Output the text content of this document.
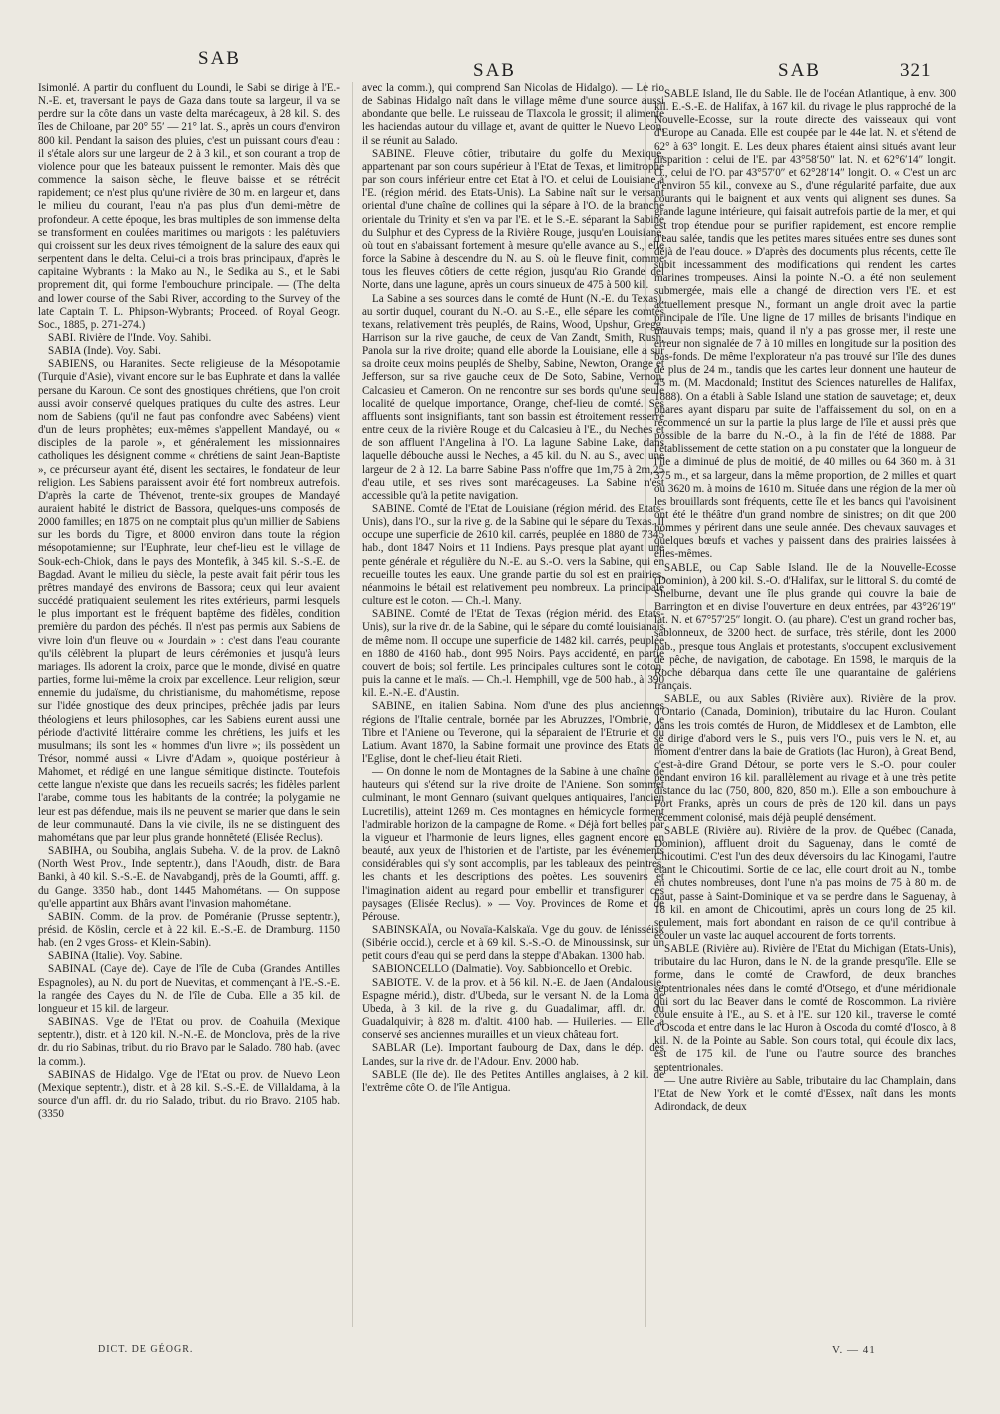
SAB
SAB	SAB	321

Isimonlé. A partir du confluent du Loundi, le Sabi se dirige à l'E.-N.-E. et, traversant le pays de Gaza dans toute sa largeur, il va se perdre sur la côte dans un vaste delta marécageux, à 28 kil. S. des îles de Chiloane, par 20° 55′ — 21° lat. S., après un cours d'environ 800 kil. Pendant la saison des pluies, c'est un puissant cours d'eau : il s'étale alors sur une largeur de 2 à 3 kil., et son courant a trop de violence pour que les bateaux puissent le remonter. Mais dès que commence la saison sèche, le fleuve baisse et se rétrécit rapidement; ce n'est plus qu'une rivière de 30 m. en largeur et, dans le milieu du courant, l'eau n'a pas plus d'un demi-mètre de profondeur. A cette époque, les bras multiples de son immense delta se transforment en coulées maritimes ou marigots : les palétuviers qui croissent sur les deux rives témoignent de la salure des eaux qui serpentent dans le delta. Celui-ci a trois bras principaux, d'après le capitaine Wybrants : la Mako au N., le Sedika au S., et le Sabi proprement dit, qui forme l'embouchure principale. — (The delta and lower course of the Sabi River, according to the Survey of the late Captain T. L. Phipson-Wybrants; Proceed. of Royal Geogr. Soc., 1885, p. 271-274.)

SABI. Rivière de l'Inde. Voy. Sahibi.

SABIA (Inde). Voy. Sabi.

SABIENS, ou Haranites. Secte religieuse de la Mésopotamie (Turquie d'Asie), vivant encore sur le bas Euphrate et dans la vallée persane du Karoun. Ce sont des gnostiques chrétiens, que l'on croit aussi avoir conservé quelques pratiques du culte des astres. Leur nom de Sabiens (qu'il ne faut pas confondre avec Sabéens) vient d'un de leurs prophètes; eux-mêmes s'appellent Mandayé, ou « disciples de la parole », et généralement les missionnaires catholiques les désignent comme « chrétiens de saint Jean-Baptiste », ce précurseur ayant été, disent les sectaires, le fondateur de leur religion. Les Sabiens paraissent avoir été fort nombreux autrefois. D'après la carte de Thévenot, trente-six groupes de Mandayé auraient habité le district de Bassora, quelques-uns composés de 2000 familles; en 1875 on ne comptait plus qu'un millier de Sabiens sur les bords du Tigre, et 8000 environ dans toute la région mésopotamienne; sur l'Euphrate, leur chef-lieu est le village de Souk-ech-Chiok, dans le pays des Montefik, à 345 kil. S.-S.-E. de Bagdad. Avant le milieu du siècle, la peste avait fait périr tous les prêtres mandayé des environs de Bassora; ceux qui leur avaient succédé pratiquaient seulement les rites extérieurs, parmi lesquels le plus important est le fréquent baptême des fidèles, condition première du pardon des péchés. Il n'est pas permis aux Sabiens de vivre loin d'un fleuve ou « Jourdain » : c'est dans l'eau courante qu'ils célèbrent la plupart de leurs cérémonies et jusqu'à leurs mariages. Ils adorent la croix, parce que le monde, divisé en quatre parties, forme lui-même la croix par excellence. Leur religion, sœur ennemie du judaïsme, du christianisme, du mahométisme, repose sur l'idée gnostique des deux principes, prêchée jadis par leurs théologiens et leurs philosophes, car les Sabiens eurent aussi une période d'activité littéraire comme les chrétiens, les juifs et les musulmans; ils sont les « hommes d'un livre »; ils possèdent un Trésor, nommé aussi « Livre d'Adam », quoique postérieur à Mahomet, et rédigé en une langue sémitique distincte. Toutefois cette langue n'existe que dans les recueils sacrés; les fidèles parlent l'arabe, comme tous les habitants de la contrée; la polygamie ne leur est pas défendue, mais ils ne peuvent se marier que dans le sein de leur communauté. Dans la vie civile, ils ne se distinguent des mahométans que par leur plus grande honnêteté (Elisée Reclus).

SABIHA, ou Soubiha, anglais Subeha. V. de la prov. de Laknô (North West Prov., Inde septentr.), dans l'Aoudh, distr. de Bara Banki, à 40 kil. S.-S.-E. de Navabgandj, près de la Goumti, afff. g. du Gange. 3350 hab., dont 1445 Mahométans. — On suppose qu'elle appartint aux Bhârs avant l'invasion mahométane.

SABIN. Comm. de la prov. de Poméranie (Prusse septentr.), présid. de Köslin, cercle et à 22 kil. E.-S.-E. de Dramburg. 1150 hab. (en 2 vges Gross- et Klein-Sabin).

SABINA (Italie). Voy. Sabine.

SABINAL (Caye de). Caye de l'île de Cuba (Grandes Antilles Espagnoles), au N. du port de Nuevitas, et commençant à l'E.-S.-E. la rangée des Cayes du N. de l'île de Cuba. Elle a 35 kil. de longueur et 15 kil. de largeur.

SABINAS. Vge de l'Etat ou prov. de Coahuila (Mexique septentr.), distr. et à 120 kil. N.-N.-E. de Monclova, près de la rive dr. du rio Sabinas, tribut. du rio Bravo par le Salado. 780 hab. (avec la comm.).

SABINAS de Hidalgo. Vge de l'Etat ou prov. de Nuevo Leon (Mexique septentr.), distr. et à 28 kil. S.-S.-E. de Villaldama, à la source d'un affl. dr. du rio Salado, tribut. du rio Bravo. 2105 hab. (3350

avec la comm.), qui comprend San Nicolas de Hidalgo). — Le rio de Sabinas Hidalgo naît dans le village même d'une source aussi abondante que belle. Le ruisseau de Tlaxcola le grossit; il alimente les haciendas autour du village et, avant de quitter le Nuevo Leon, il se réunit au Salado.

SABINE. Fleuve côtier, tributaire du golfe du Mexique, appartenant par son cours supérieur à l'Etat de Texas, et limitrophe par son cours inférieur entre cet Etat à l'O. et celui de Louisiane à l'E. (région mérid. des Etats-Unis). La Sabine naît sur le versant oriental d'une chaîne de collines qui la sépare à l'O. de la branche orientale du Trinity et s'en va par l'E. et le S.-E. séparant la Sabine du Sulphur et des Cypress de la Rivière Rouge, jusqu'en Louisiane, où tout en s'abaissant fortement à mesure qu'elle avance au S., elle force la Sabine à descendre du N. au S. où le fleuve finit, comme tous les fleuves côtiers de cette région, jusqu'au Rio Grande del Norte, dans une lagune, après un cours sinueux de 475 à 500 kil.

La Sabine a ses sources dans le comté de Hunt (N.-E. du Texas), au sortir duquel, courant du N.-O. au S.-E., elle sépare les comtés texans, relativement très peuplés, de Rains, Wood, Upshur, Gregg, Harrison sur la rive gauche, de ceux de Van Zandt, Smith, Rush, Panola sur la rive droite; quand elle aborde la Louisiane, elle a sur sa droite ceux moins peuplés de Shelby, Sabine, Newton, Orange et Jefferson, sur sa rive gauche ceux de De Soto, Sabine, Vernon, Calcasieu et Cameron. On ne rencontre sur ses bords qu'une seule localité de quelque importance, Orange, chef-lieu de comté. Ses affluents sont insignifiants, tant son bassin est étroitement resserré entre ceux de la rivière Rouge et du Calcasieu à l'E., du Neches et de son affluent l'Angelina à l'O. La lagune Sabine Lake, dans laquelle débouche aussi le Neches, a 45 kil. du N. au S., avec une largeur de 2 à 12. La barre Sabine Pass n'offre que 1m,75 à 2m,25 d'eau utile, et ses rives sont marécageuses. La Sabine n'est accessible qu'à la petite navigation.

SABINE. Comté de l'Etat de Louisiane (région mérid. des Etats-Unis), dans l'O., sur la rive g. de la Sabine qui le sépare du Texas. Il occupe une superficie de 2610 kil. carrés, peuplée en 1880 de 7345 hab., dont 1847 Noirs et 11 Indiens. Pays presque plat ayant une pente générale et régulière du N.-E. au S.-O. vers la Sabine, qui en recueille toutes les eaux. Une grande partie du sol est en prairies, néanmoins le bétail est relativement peu nombreux. La principale culture est le coton. — Ch.-l. Many.

SABINE. Comté de l'Etat de Texas (région mérid. des Etats-Unis), sur la rive dr. de la Sabine, qui le sépare du comté louisianais de même nom. Il occupe une superficie de 1482 kil. carrés, peuplée en 1880 de 4160 hab., dont 995 Noirs. Pays accidenté, en partie couvert de bois; sol fertile. Les principales cultures sont le coton, puis la canne et le maïs. — Ch.-l. Hemphill, vge de 500 hab., à 390 kil. E.-N.-E. d'Austin.

SABINE, en italien Sabina. Nom d'une des plus anciennes régions de l'Italie centrale, bornée par les Abruzzes, l'Ombrie, le Tibre et l'Aniene ou Teverone, qui la séparaient de l'Etrurie et du Latium. Avant 1870, la Sabine formait une province des Etats de l'Eglise, dont le chef-lieu était Rieti.

— On donne le nom de Montagnes de la Sabine à une chaîne de hauteurs qui s'étend sur la rive droite de l'Aniene. Son sommet culminant, le mont Gennaro (suivant quelques antiquaires, l'ancien Lucretilis), atteint 1269 m. Ces montagnes en hémicycle forment l'admirable horizon de la campagne de Rome. « Déjà fort belles par la vigueur et l'harmonie de leurs lignes, elles gagnent encore en beauté, aux yeux de l'historien et de l'artiste, par les événements considérables qui s'y sont accomplis, par les tableaux des peintres, les chants et les descriptions des poètes. Les souvenirs et l'imagination aident au regard pour embellir et transfigurer ces paysages (Elisée Reclus). » — Voy. Provinces de Rome et de Pérouse.

SABINSKAÏA, ou Novaïa-Kalskaïa. Vge du gouv. de Iénisséisk (Sibérie occid.), cercle et à 69 kil. S.-S.-O. de Minoussinsk, sur un petit cours d'eau qui se perd dans la steppe d'Abakan. 1300 hab.

SABIONCELLO (Dalmatie). Voy. Sabbioncello et Orebic.

SABIOTE. V. de la prov. et à 56 kil. N.-E. de Jaen (Andalousie, Espagne mérid.), distr. d'Ubeda, sur le versant N. de la Loma de Ubeda, à 3 kil. de la rive g. du Guadalimar, affl. dr. du Guadalquivir; à 828 m. d'altit. 4100 hab. — Huileries. — Elle a conservé ses anciennes murailles et un vieux château fort.

SABLAR (Le). Important faubourg de Dax, dans le dép. des Landes, sur la rive dr. de l'Adour. Env. 2000 hab.

SABLE (Ile de). Ile des Petites Antilles anglaises, à 2 kil. de l'extrême côte O. de l'île Antigua.

SABLE Island, Ile du Sable. Ile de l'océan Atlantique, à env. 300 kil. E.-S.-E. de Halifax, à 167 kil. du rivage le plus rapproché de la Nouvelle-Ecosse, sur la route directe des vaisseaux qui vont d'Europe au Canada. Elle est coupée par le 44e lat. N. et s'étend de 62° à 63° longit. E. Les deux phares étaient ainsi situés avant leur disparition : celui de l'E. par 43°58′50″ lat. N. et 62°6′14″ longit. O., celui de l'O. par 43°57′0″ et 62°28′14″ longit. O. « C'est un arc d'environ 55 kil., convexe au S., d'une régularité parfaite, due aux courants qui le baignent et aux vents qui alignent ses dunes. Sa grande lagune intérieure, qui faisait autrefois partie de la mer, et qui est trop étendue pour se purifier rapidement, est encore remplie d'eau salée, tandis que les petites mares situées entre ses dunes sont déjà de l'eau douce. » D'après des documents plus récents, cette île subit incessamment des modifications qui rendent les cartes marines trompeuses. Ainsi la pointe N.-O. a été non seulement submergée, mais elle a changé de direction vers l'E. et est actuellement presque N., formant un angle droit avec la partie principale de l'île. Une ligne de 17 milles de brisants l'indique en mauvais temps; mais, quand il n'y a pas grosse mer, il reste une erreur non signalée de 7 à 10 milles en longitude sur la position des bas-fonds. De même l'explorateur n'a pas trouvé sur l'île des dunes de plus de 24 m., tandis que les cartes leur donnent une hauteur de 45 m. (M. Macdonald; Institut des Sciences naturelles de Halifax, 1888). On a établi à Sable Island une station de sauvetage; et, deux phares ayant disparu par suite de l'affaissement du sol, on en a recommencé un sur la partie la plus large de l'île et aussi près que possible de la barre du N.-O., à la fin de l'été de 1888. Par l'établissement de cette station on a pu constater que la longueur de l'île a diminué de plus de moitié, de 40 milles ou 64 360 m. à 31 375 m., et sa largeur, dans la même proportion, de 2 milles et quart ou 3620 m. à moins de 1610 m. Située dans une région de la mer où les brouillards sont fréquents, cette île et les bancs qui l'avoisinent ont été le théâtre d'un grand nombre de sinistres; on dit que 200 hommes y périrent dans une seule année. Des chevaux sauvages et quelques bœufs et vaches y paissent dans des prairies laissées à elles-mêmes.

SABLE, ou Cap Sable Island. Ile de la Nouvelle-Ecosse (Dominion), à 200 kil. S.-O. d'Halifax, sur le littoral S. du comté de Shelburne, devant une île plus grande qui couvre la baie de Barrington et en divise l'ouverture en deux entrées, par 43°26′19″ lat. N. et 67°57′25″ longit. O. (au phare). C'est un grand rocher bas, sablonneux, de 3200 hect. de surface, très stérile, dont les 2000 hab., presque tous Anglais et protestants, s'occupent exclusivement de pêche, de navigation, de cabotage. En 1598, le marquis de la Roche débarqua dans cette île une quarantaine de galériens français.

SABLE, ou aux Sables (Rivière aux). Rivière de la prov. d'Ontario (Canada, Dominion), tributaire du lac Huron. Coulant dans les trois comtés de Huron, de Middlesex et de Lambton, elle se dirige d'abord vers le S., puis vers l'O., puis vers le N. et, au moment d'entrer dans la baie de Gratiots (lac Huron), à Great Bend, c'est-à-dire Grand Détour, se porte vers le S.-O. pour couler pendant environ 16 kil. parallèlement au rivage et à une très petite distance du lac (750, 800, 820, 850 m.). Elle a son embouchure à Port Franks, après un cours de près de 120 kil. dans un pays récemment colonisé, mais déjà peuplé densément.

SABLE (Rivière au). Rivière de la prov. de Québec (Canada, Dominion), affluent droit du Saguenay, dans le comté de Chicoutimi. C'est l'un des deux déversoirs du lac Kinogami, l'autre étant le Chicoutimi. Sortie de ce lac, elle court droit au N., tombe en chutes nombreuses, dont l'une n'a pas moins de 75 à 80 m. de haut, passe à Saint-Dominique et va se perdre dans le Saguenay, à 18 kil. en amont de Chicoutimi, après un cours long de 25 kil. seulement, mais fort abondant en raison de ce qu'il contribue à écouler un vaste lac auquel accourent de forts torrents.

SABLE (Rivière au). Rivière de l'Etat du Michigan (Etats-Unis), tributaire du lac Huron, dans le N. de la grande presqu'île. Elle se forme, dans le comté de Crawford, de deux branches septentrionales nées dans le comté d'Otsego, et d'une méridionale qui sort du lac Beaver dans le comté de Roscommon. La rivière coule ensuite à l'E., au S. et à l'E. sur 120 kil., traverse le comté d'Oscoda et entre dans le lac Huron à Oscoda du comté d'Iosco, à 8 kil. N. de la Pointe au Sable. Son cours total, qui écoule dix lacs, est de 175 kil. de l'une ou l'autre source des branches septentrionales.

— Une autre Rivière au Sable, tributaire du lac Champlain, dans l'Etat de New York et le comté d'Essex, naît dans les monts Adirondack, de deux

DICT. DE GÉOGR.	V. — 41
